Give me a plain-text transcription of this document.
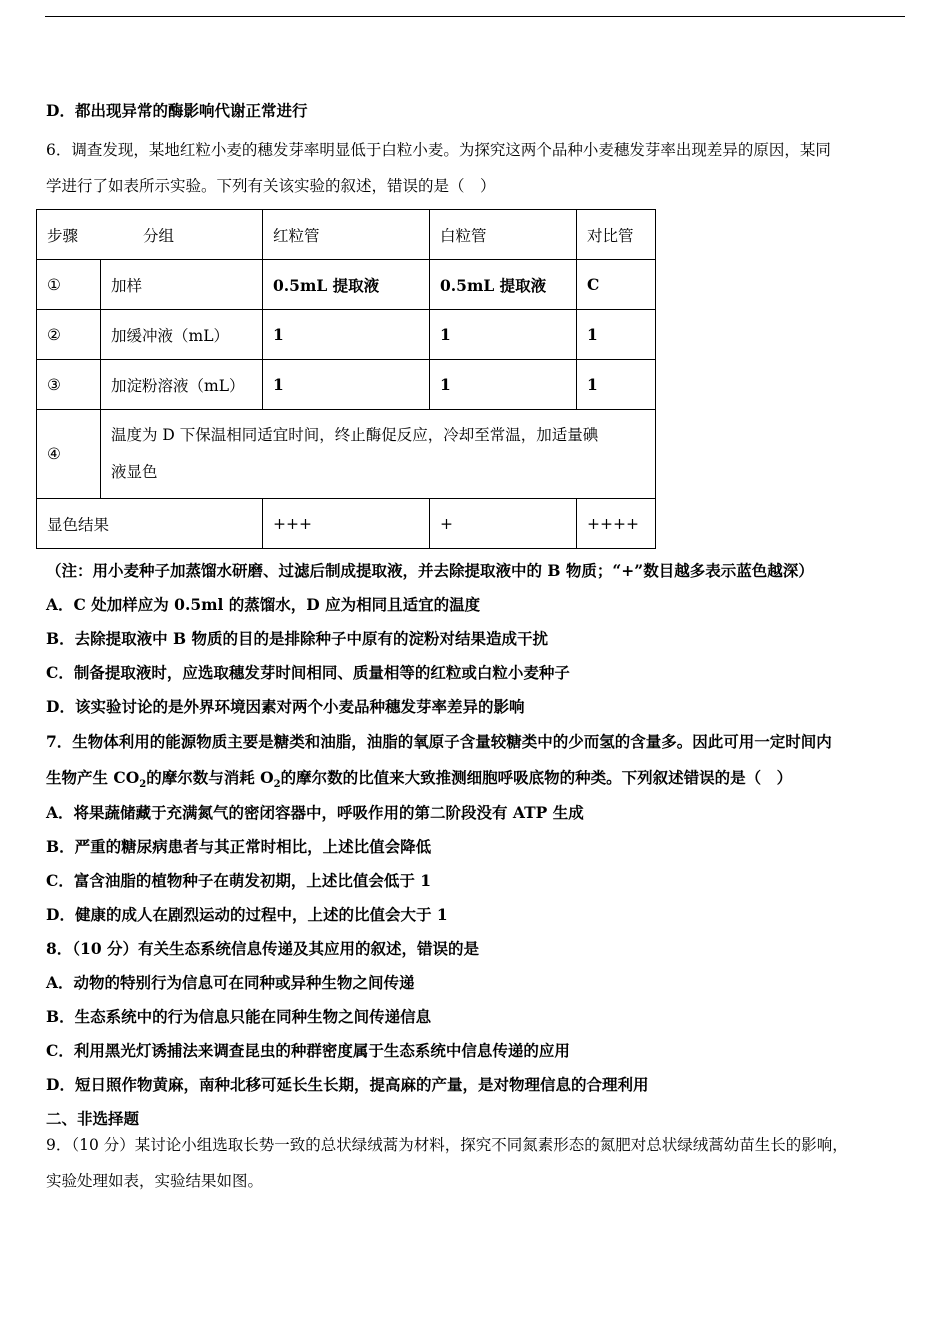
D．都出现异常的酶影响代谢正常进行
6．调查发现，某地红粒小麦的穗发芽率明显低于白粒小麦。为探究这两个品种小麦穗发芽率出现差异的原因，某同
学进行了如表所示实验。下列有关该实验的叙述，错误的是（　）
步骤 分组		红粒管	白粒管	对比管
①	加样	0.5mL 提取液	0.5mL 提取液	C
②	加缓冲液（mL）	1	1	1
③	加淀粉溶液（mL）	1	1	1
④	温度为 D 下保温相同适宜时间，终止酶促反应，冷却至常温，加适量碘
液显色			

显色结果		+++	+	++++
（注：用小麦种子加蒸馏水研磨、过滤后制成提取液，并去除提取液中的 B 物质；“+”数目越多表示蓝色越深）
A．C 处加样应为 0.5ml 的蒸馏水，D 应为相同且适宜的温度
B．去除提取液中 B 物质的目的是排除种子中原有的淀粉对结果造成干扰
C．制备提取液时，应选取穗发芽时间相同、质量相等的红粒或白粒小麦种子
D．该实验讨论的是外界环境因素对两个小麦品种穗发芽率差异的影响
7．生物体利用的能源物质主要是糖类和油脂，油脂的氧原子含量较糖类中的少而氢的含量多。因此可用一定时间内
生物产生 $CO_2$的摩尔数与消耗 $O_2$的摩尔数的比值来大致推测细胞呼吸底物的种类。下列叙述错误的是（　）
A．将果蔬储藏于充满氮气的密闭容器中，呼吸作用的第二阶段没有 ATP 生成
B．严重的糖尿病患者与其正常时相比，上述比值会降低
C．富含油脂的植物种子在萌发初期，上述比值会低于 1
D．健康的成人在剧烈运动的过程中，上述的比值会大于 1
8．（10 分）有关生态系统信息传递及其应用的叙述，错误的是
A．动物的特别行为信息可在同种或异种生物之间传递
B．生态系统中的行为信息只能在同种生物之间传递信息
C．利用黑光灯诱捕法来调查昆虫的种群密度属于生态系统中信息传递的应用
D．短日照作物黄麻，南种北移可延长生长期，提高麻的产量，是对物理信息的合理利用
二、非选择题
9．（10 分）某讨论小组选取长势一致的总状绿绒蒿为材料，探究不同氮素形态的氮肥对总状绿绒蒿幼苗生长的影响，
实验处理如表，实验结果如图。
